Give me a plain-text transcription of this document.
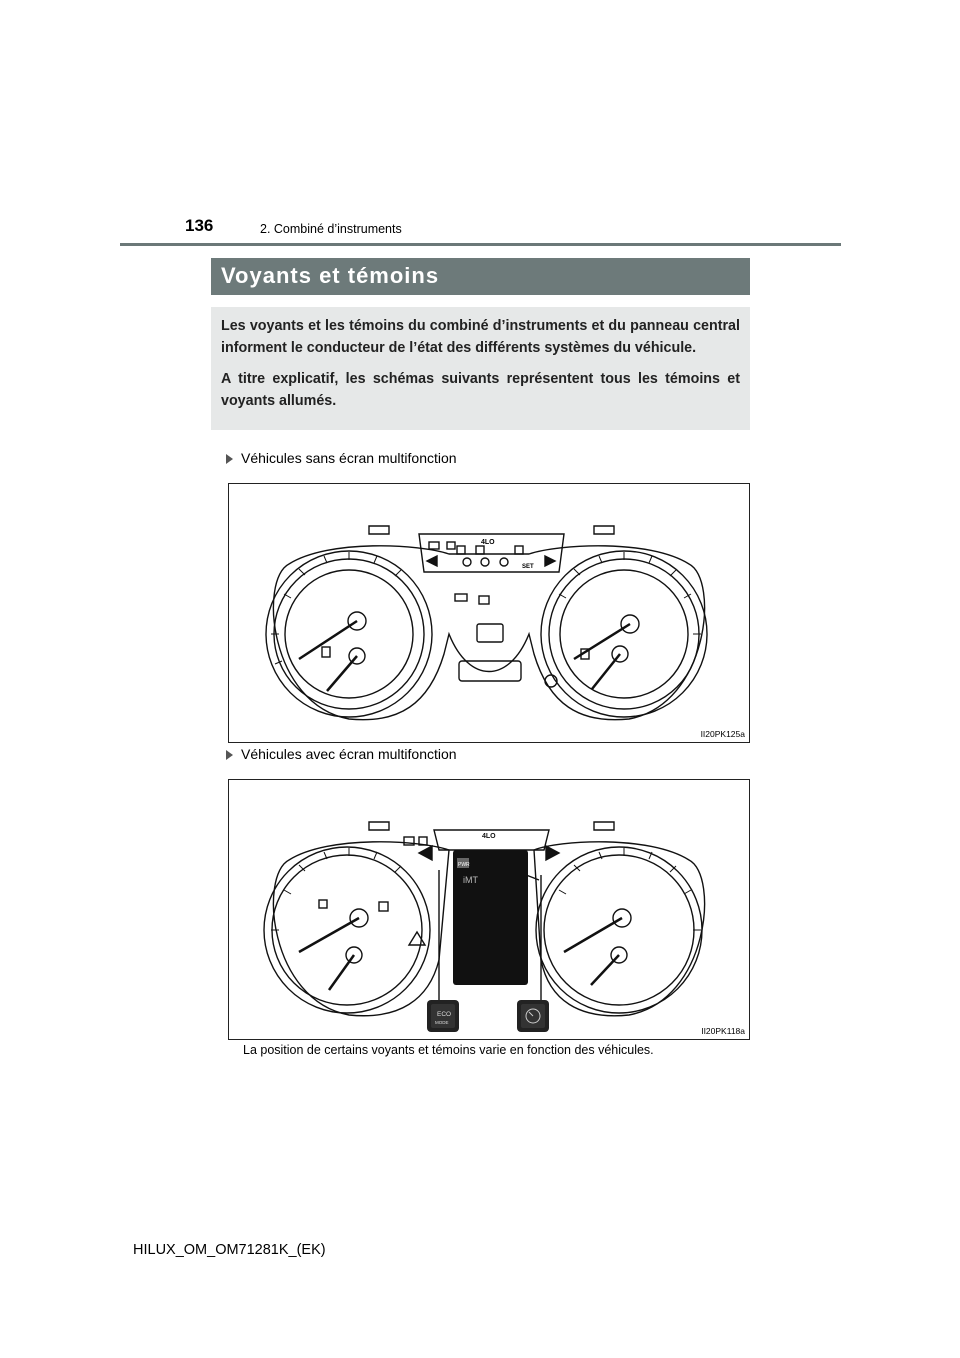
136	2. Combiné d’instruments
Voyants et témoins

Les voyants et les témoins du combiné d’instruments et du panneau central informent le conducteur de l’état des différents systèmes du véhicule.

A titre explicatif, les schémas suivants représentent tous les témoins et voyants allumés.

Véhicules sans écran multifonction
4LO
SET
II20PK125a
Véhicules avec écran multifonction
PWR
iMT
4LO
ECO
MODE
II20PK118a
La position de certains voyants et témoins varie en fonction des véhicules.
HILUX_OM_OM71281K_(EK)
